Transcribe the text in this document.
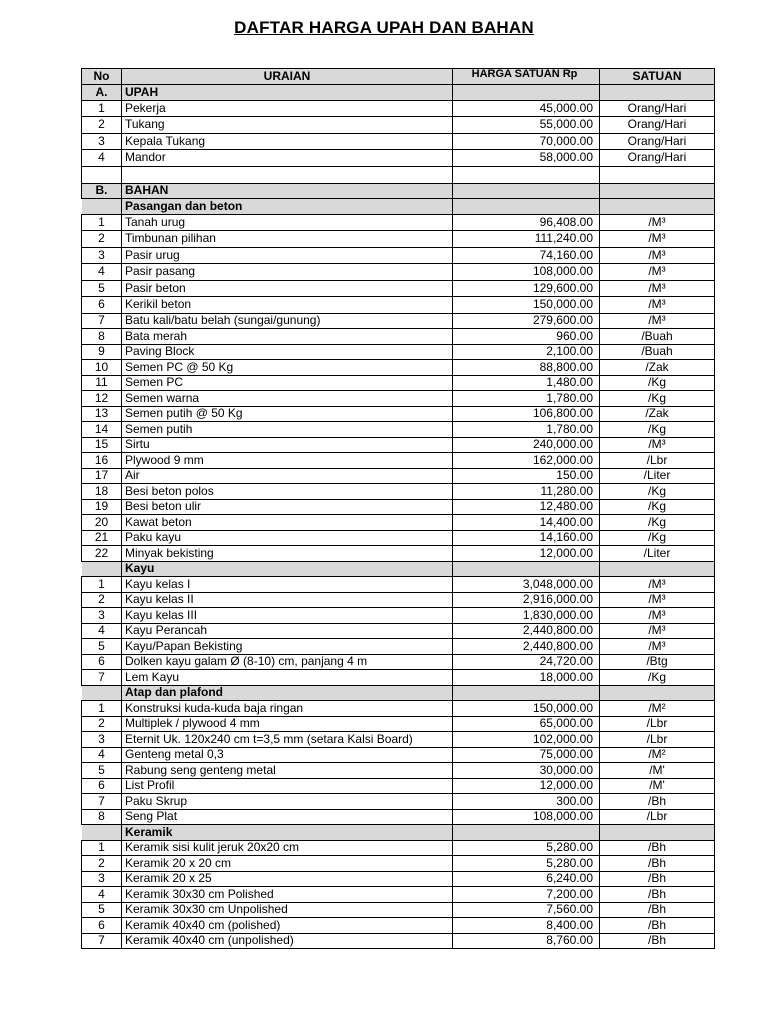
DAFTAR HARGA UPAH DAN BAHAN
No	URAIAN	HARGA SATUAN Rp	SATUAN
A.	UPAH		
1	Pekerja	45,000.00	Orang/Hari
2	Tukang	55,000.00	Orang/Hari
3	Kepala Tukang	70,000.00	Orang/Hari
4	Mandor	58,000.00	Orang/Hari

B.	BAHAN		
	Pasangan dan beton		
1	Tanah urug	96,408.00	/M³
2	Timbunan pilihan	111,240.00	/M³
3	Pasir urug	74,160.00	/M³
4	Pasir pasang	108,000.00	/M³
5	Pasir beton	129,600.00	/M³
6	Kerikil beton	150,000.00	/M³
7	Batu kali/batu belah (sungai/gunung)	279,600.00	/M³
8	Bata merah	960.00	/Buah
9	Paving Block	2,100.00	/Buah
10	Semen PC @ 50 Kg	88,800.00	/Zak
11	Semen PC	1,480.00	/Kg
12	Semen warna	1,780.00	/Kg
13	Semen putih @ 50 Kg	106,800.00	/Zak
14	Semen putih	1,780.00	/Kg
15	Sirtu	240,000.00	/M³
16	Plywood 9 mm	162,000.00	/Lbr
17	Air	150.00	/Liter
18	Besi beton polos	11,280.00	/Kg
19	Besi beton ulir	12,480.00	/Kg
20	Kawat beton	14,400.00	/Kg
21	Paku kayu	14,160.00	/Kg
22	Minyak bekisting	12,000.00	/Liter
	Kayu		
1	Kayu kelas I	3,048,000.00	/M³
2	Kayu kelas II	2,916,000.00	/M³
3	Kayu kelas III	1,830,000.00	/M³
4	Kayu Perancah	2,440,800.00	/M³
5	Kayu/Papan Bekisting	2,440,800.00	/M³
6	Dolken kayu galam Ø (8-10) cm, panjang 4 m	24,720.00	/Btg
7	Lem Kayu	18,000.00	/Kg
	Atap dan plafond		
1	Konstruksi kuda-kuda baja ringan	150,000.00	/M²
2	Multiplek / plywood 4 mm	65,000.00	/Lbr
3	Eternit Uk. 120x240 cm t=3,5 mm (setara Kalsi Board)	102,000.00	/Lbr
4	Genteng metal 0,3	75,000.00	/M²
5	Rabung seng genteng metal	30,000.00	/M'
6	List Profil	12,000.00	/M'
7	Paku Skrup	300.00	/Bh
8	Seng Plat	108,000.00	/Lbr
	Keramik		
1	Keramik sisi kulit jeruk 20x20 cm	5,280.00	/Bh
2	Keramik 20 x 20 cm	5,280.00	/Bh
3	Keramik 20 x 25	6,240.00	/Bh
4	Keramik 30x30 cm Polished	7,200.00	/Bh
5	Keramik 30x30 cm Unpolished	7,560.00	/Bh
6	Keramik 40x40 cm (polished)	8,400.00	/Bh
7	Keramik 40x40 cm (unpolished)	8,760.00	/Bh
